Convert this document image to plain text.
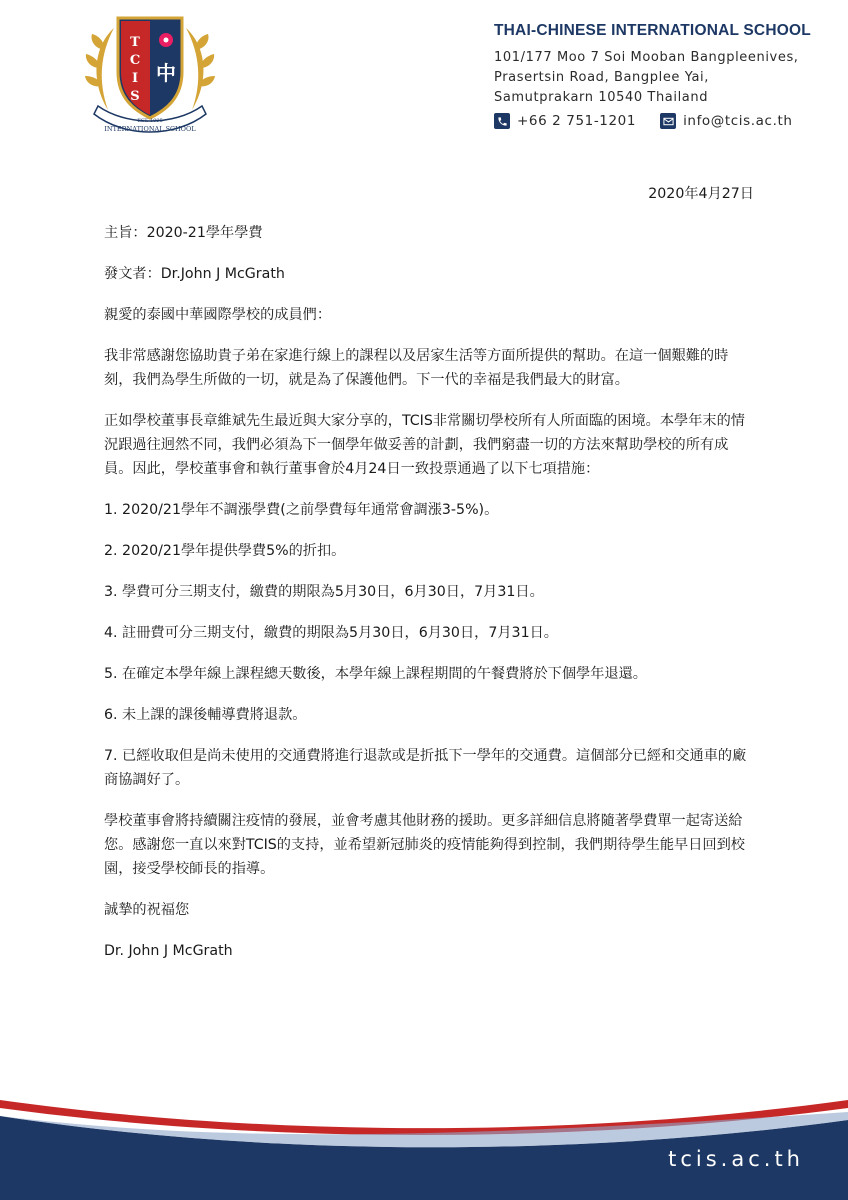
T
C
I
S
中
EST. 1995
INTERNATIONAL SCHOOL
THAI-CHINESE INTERNATIONAL SCHOOL
101/177 Moo 7 Soi Mooban Bangpleenives,
Prasertsin Road, Bangplee Yai,
Samutprakarn 10540 Thailand
+66 2 751-1201	info@tcis.ac.th

2020年4月27日

主旨：2020-21學年學費

發文者：Dr.John J McGrath

親愛的泰國中華國際學校的成員們：

我非常感謝您協助貴子弟在家進行線上的課程以及居家生活等方面所提供的幫助。在這一個艱難的時刻，我們為學生所做的一切，就是為了保護他們。下一代的幸福是我們最大的財富。

正如學校董事長章維斌先生最近與大家分享的，TCIS非常關切學校所有人所面臨的困境。本學年末的情況跟過往迥然不同，我們必須為下一個學年做妥善的計劃，我們窮盡一切的方法來幫助學校的所有成員。因此，學校董事會和執行董事會於4月24日一致投票通過了以下七項措施：

1. 2020/21學年不調漲學費(之前學費每年通常會調漲3-5%)。

2. 2020/21學年提供學費5%的折扣。

3. 學費可分三期支付，繳費的期限為5月30日，6月30日，7月31日。

4. 註冊費可分三期支付，繳費的期限為5月30日，6月30日，7月31日。

5. 在確定本學年線上課程總天數後，本學年線上課程期間的午餐費將於下個學年退還。

6. 未上課的課後輔導費將退款。

7. 已經收取但是尚未使用的交通費將進行退款或是折抵下一學年的交通費。這個部分已經和交通車的廠商協調好了。

學校董事會將持續關注疫情的發展，並會考慮其他財務的援助。更多詳細信息將隨著學費單一起寄送給您。感謝您一直以來對TCIS的支持，並希望新冠肺炎的疫情能夠得到控制，我們期待學生能早日回到校園，接受學校師長的指導。

誠摯的祝福您

Dr. John J McGrath

tcis.ac.th
